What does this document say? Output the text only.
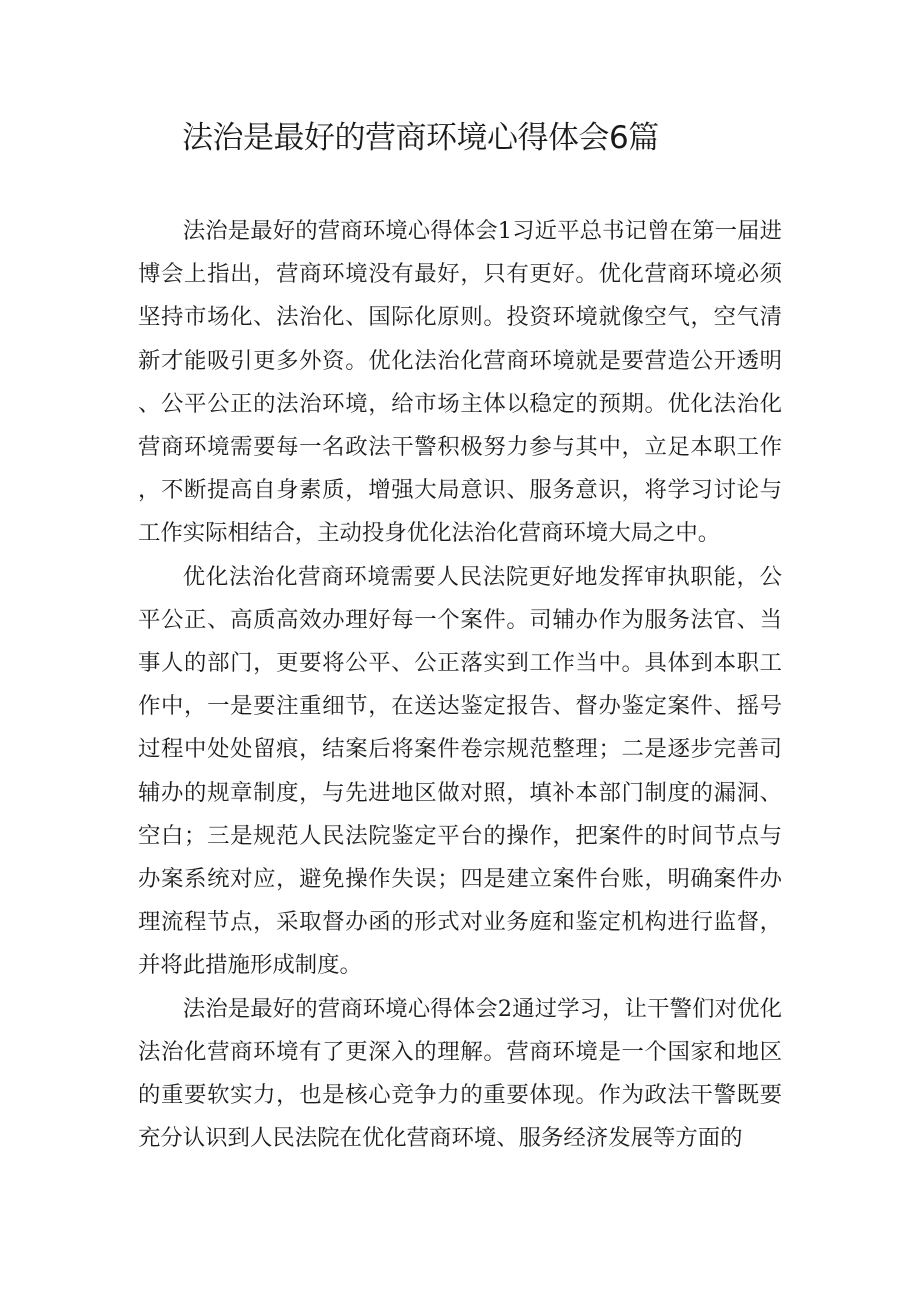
法治是最好的营商环境心得体会6篇

法治是最好的营商环境心得体会1习近平总书记曾在第一届进博会上指出，营商环境没有最好，只有更好。优化营商环境必须坚持市场化、法治化、国际化原则。投资环境就像空气，空气清新才能吸引更多外资。优化法治化营商环境就是要营造公开透明、公平公正的法治环境，给市场主体以稳定的预期。优化法治化营商环境需要每一名政法干警积极努力参与其中，立足本职工作，不断提高自身素质，增强大局意识、服务意识，将学习讨论与工作实际相结合，主动投身优化法治化营商环境大局之中。

优化法治化营商环境需要人民法院更好地发挥审执职能，公平公正、高质高效办理好每一个案件。司辅办作为服务法官、当事人的部门，更要将公平、公正落实到工作当中。具体到本职工作中，一是要注重细节，在送达鉴定报告、督办鉴定案件、摇号过程中处处留痕，结案后将案件卷宗规范整理；二是逐步完善司辅办的规章制度，与先进地区做对照，填补本部门制度的漏洞、空白；三是规范人民法院鉴定平台的操作，把案件的时间节点与办案系统对应，避免操作失误；四是建立案件台账，明确案件办理流程节点，采取督办函的形式对业务庭和鉴定机构进行监督，并将此措施形成制度。

法治是最好的营商环境心得体会2通过学习，让干警们对优化法治化营商环境有了更深入的理解。营商环境是一个国家和地区的重要软实力，也是核心竞争力的重要体现。作为政法干警既要充分认识到人民法院在优化营商环境、服务经济发展等方面的
